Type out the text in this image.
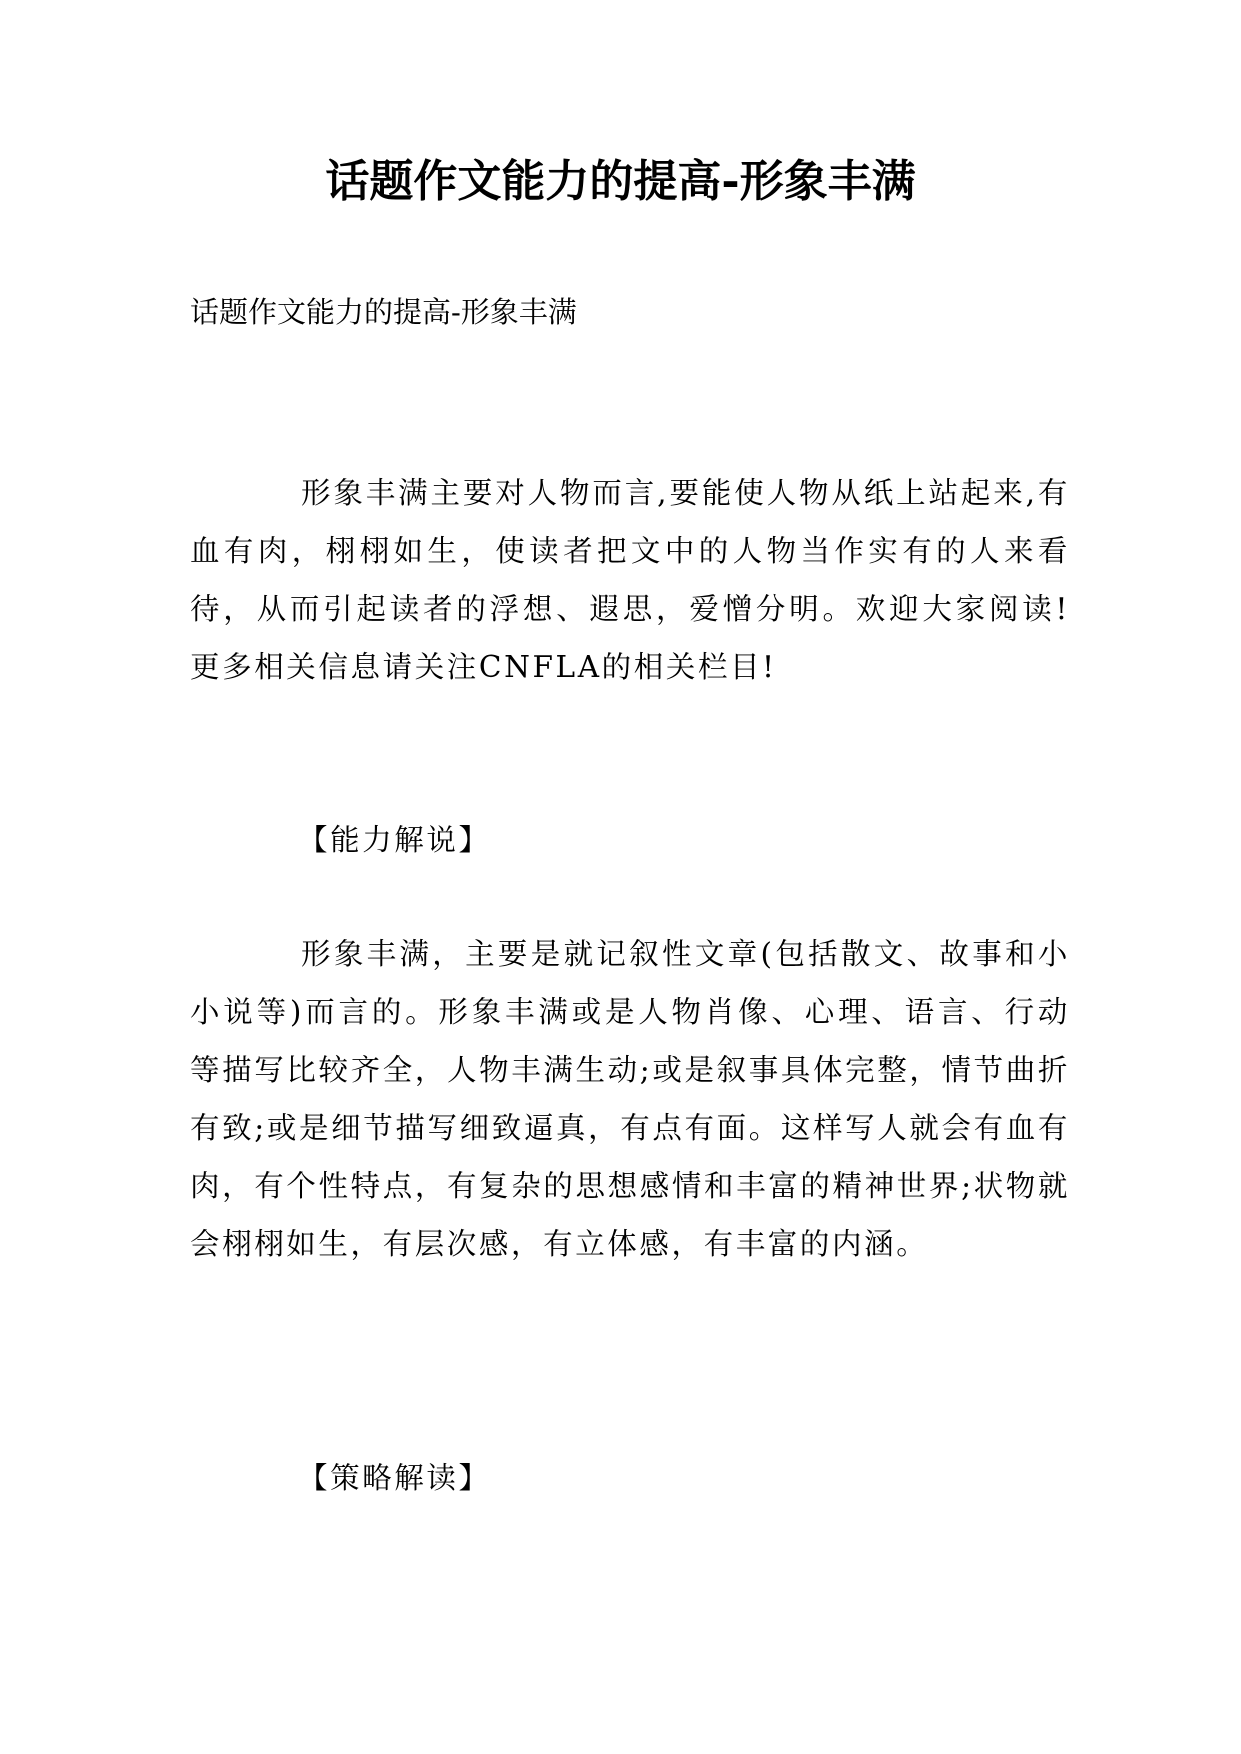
话题作文能力的提高-形象丰满

话题作文能力的提高-形象丰满

形象丰满主要对人物而言,要能使人物从纸上站起来,有血有肉，栩栩如生，使读者把文中的人物当作实有的人来看待，从而引起读者的浮想、遐思，爱憎分明。欢迎大家阅读!更多相关信息请关注CNFLA的相关栏目!

【能力解说】

形象丰满，主要是就记叙性文章(包括散文、故事和小小说等)而言的。形象丰满或是人物肖像、心理、语言、行动等描写比较齐全，人物丰满生动;或是叙事具体完整，情节曲折有致;或是细节描写细致逼真，有点有面。这样写人就会有血有肉，有个性特点，有复杂的思想感情和丰富的精神世界;状物就会栩栩如生，有层次感，有立体感，有丰富的内涵。

【策略解读】
